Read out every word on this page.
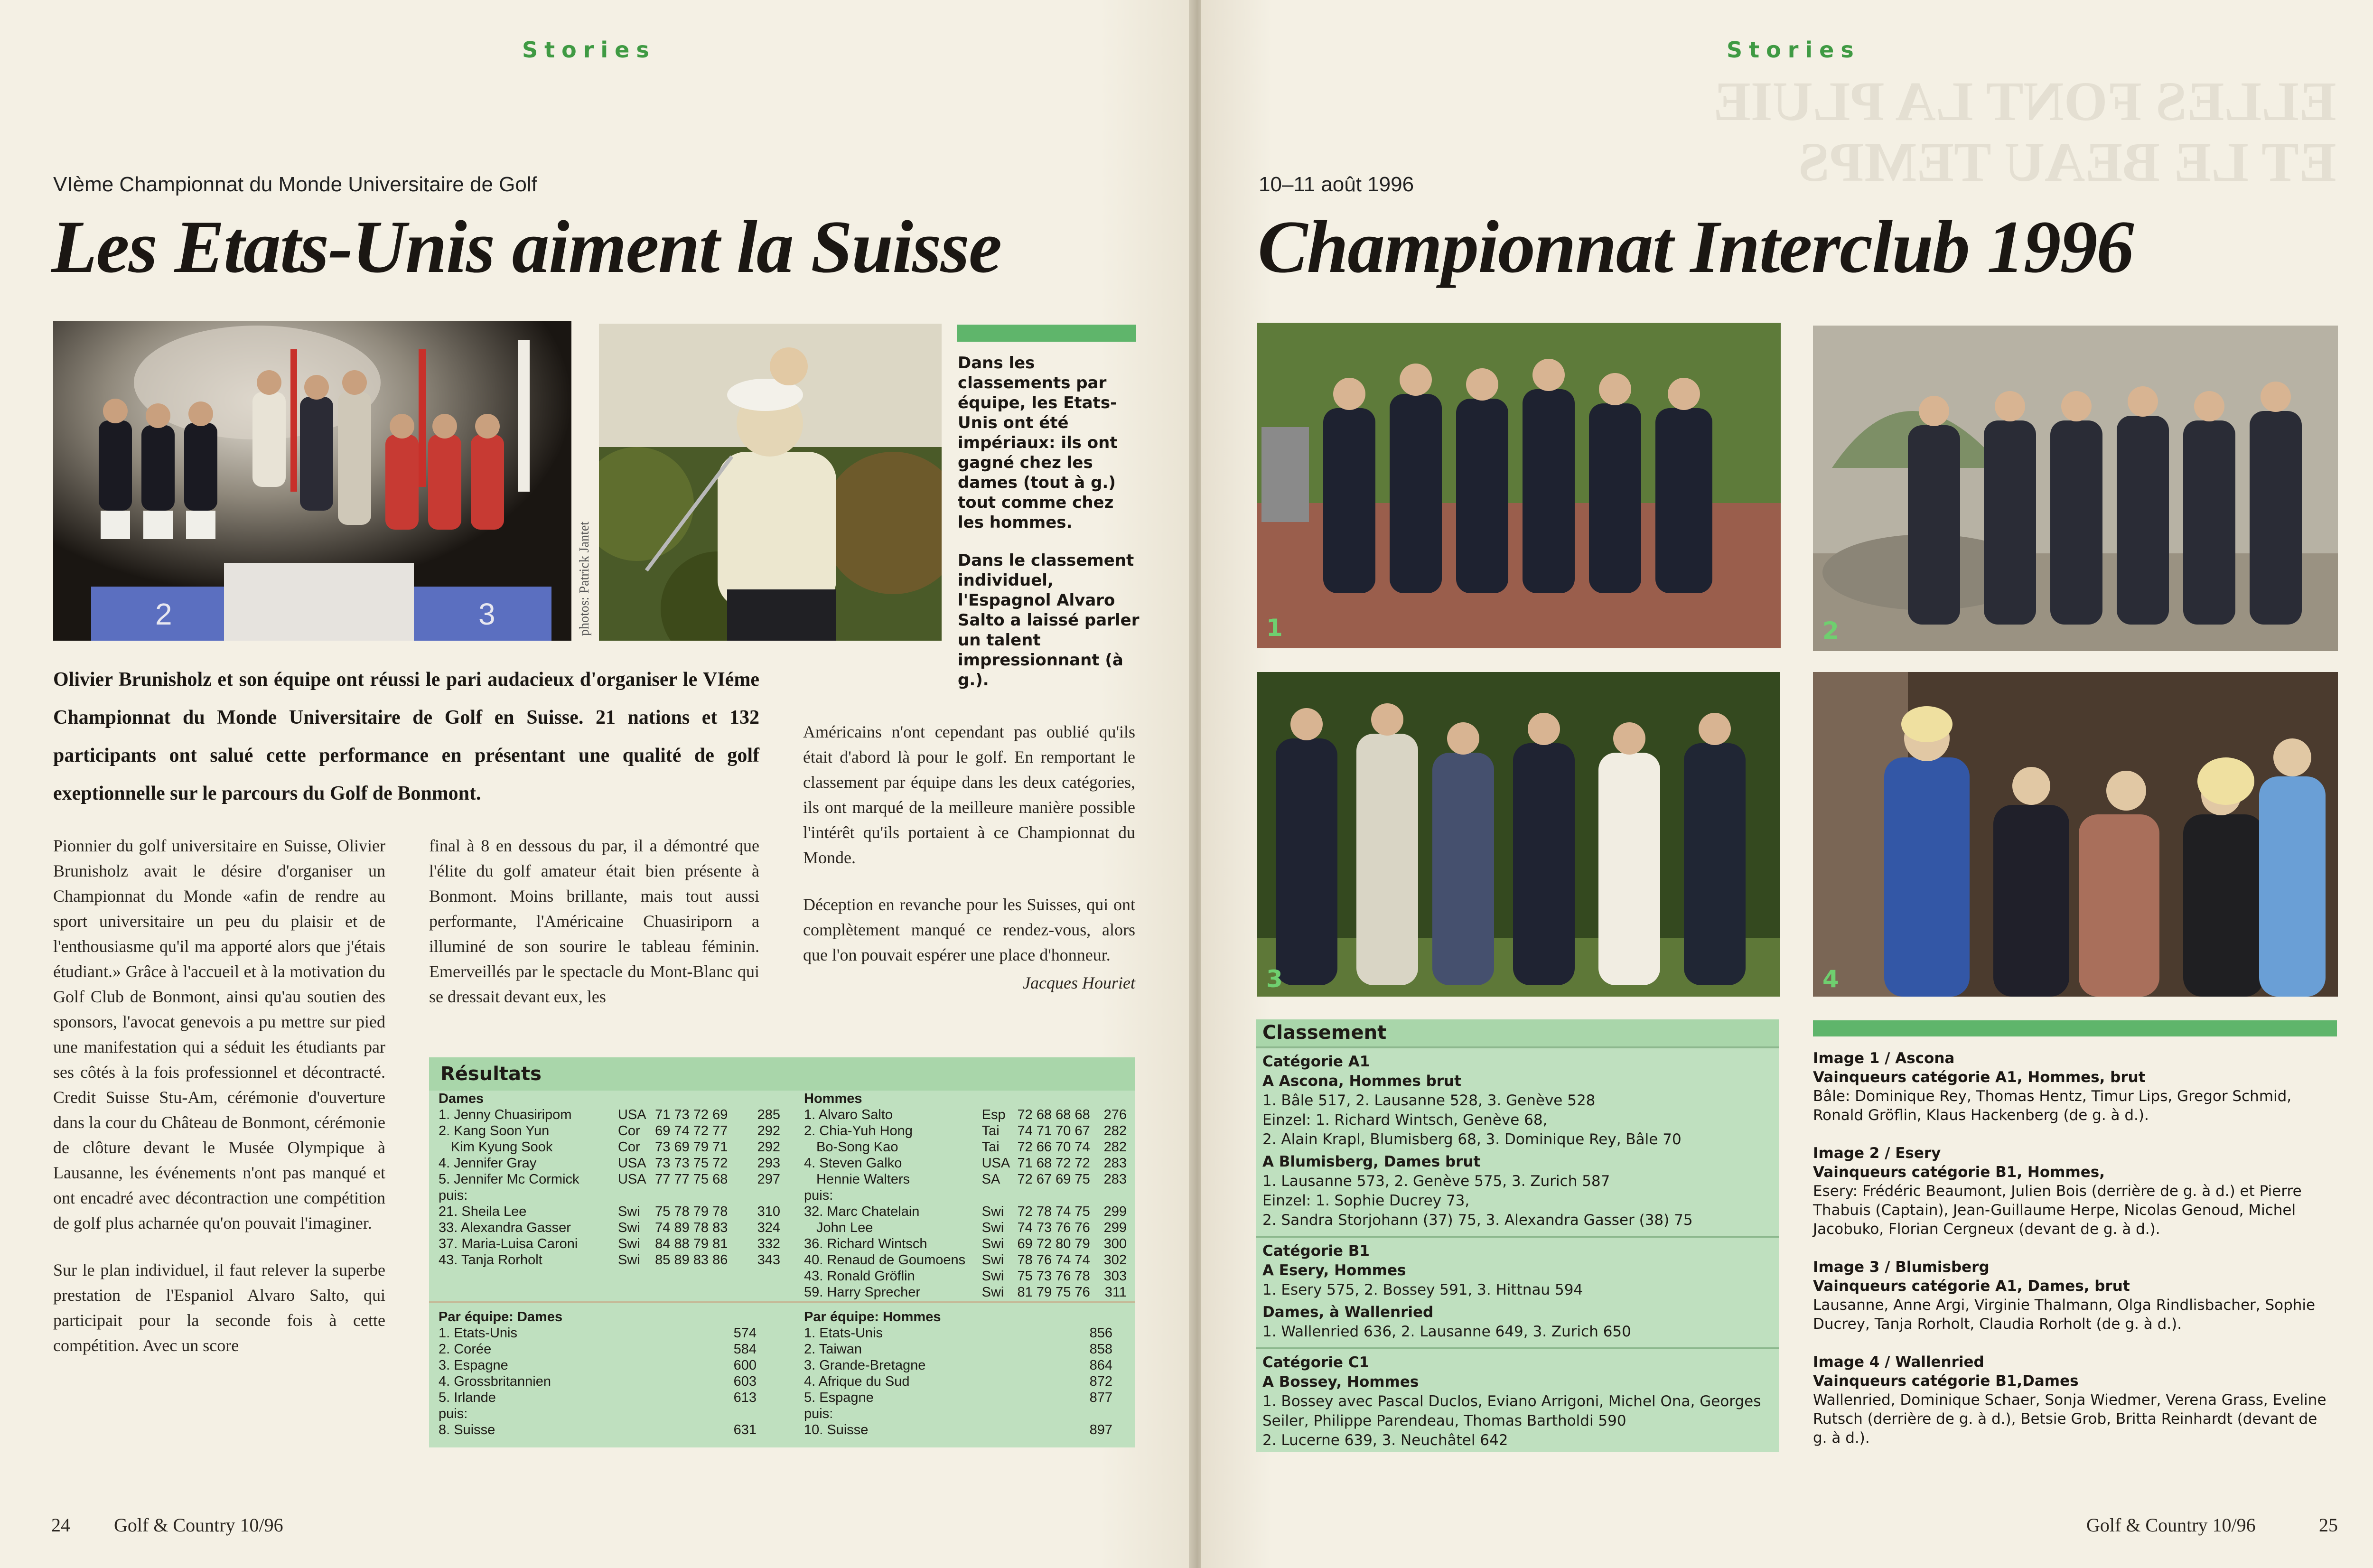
Stories
VIème Championnat du Monde Universitaire de Golf
Les Etats-Unis aiment la Suisse
2	3	photos: Patrick Jantet

Dans les classements par équipe, les Etats-Unis ont été impériaux: ils ont gagné chez les dames (tout à g.) tout comme chez les hommes.

Dans le classement individuel, l'Espagnol Alvaro Salto a laissé parler un talent impressionnant (à g.).

Olivier Brunisholz et son équipe ont réussi le pari audacieux d'organiser le VIéme Championnat du Monde Universitaire de Golf en Suisse. 21 nations et 132 participants ont salué cette performance en présentant une qualité de golf exeptionnelle sur le parcours du Golf de Bonmont.

Pionnier du golf universitaire en Suisse, Olivier Brunisholz avait le désire d'organiser un Championnat du Monde «afin de rendre au sport universitaire un peu du plaisir et de l'enthousiasme qu'il ma apporté alors que j'étais étudiant.» Grâce à l'accueil et à la motivation du Golf Club de Bonmont, ainsi qu'au soutien des sponsors, l'avocat genevois a pu mettre sur pied une manifestation qui a séduit les étudiants par ses côtés à la fois professionnel et décontracté. Credit Suisse Stu-Am, cérémonie d'ouverture dans la cour du Château de Bonmont, cérémonie de clôture devant le Musée Olympique à Lausanne, les événements n'ont pas manqué et ont encadré avec décontraction une compétition de golf plus acharnée qu'on pouvait l'imaginer.

Sur le plan individuel, il faut relever la superbe prestation de l'Espaniol Alvaro Salto, qui participait pour la seconde fois à cette compétition. Avec un score

final à 8 en dessous du par, il a démontré que l'élite du golf amateur était bien présente à Bonmont. Moins brillante, mais tout aussi performante, l'Américaine Chuasiriporn a illuminé de son sourire le tableau féminin. Emerveillés par le spectacle du Mont-Blanc qui se dressait devant eux, les

Américains n'ont cependant pas oublié qu'ils était d'abord là pour le golf. En remportant le classement par équipe dans les deux catégories, ils ont marqué de la meilleure manière possible l'intérêt qu'ils portaient à ce Championnat du Monde.

Déception en revanche pour les Suisses, qui ont complètement manqué ce rendez-vous, alors que l'on pouvait espérer une place d'honneur.

Jacques Houriet
Résultats
Dames
1. Jenny Chuasiripom	USA	71 73 72 69	285
2. Kang Soon Yun	Cor	69 74 72 77	292
Kim Kyung Sook	Cor	73 69 79 71	292
4. Jennifer Gray	USA	73 73 75 72	293
5. Jennifer Mc Cormick	USA	77 77 75 68	297
puis:			
21. Sheila Lee	Swi	75 78 79 78	310
33. Alexandra Gasser	Swi	74 89 78 83	324
37. Maria-Luisa Caroni	Swi	84 88 79 81	332
43. Tanja Rorholt	Swi	85 89 83 86	343
Hommes
1. Alvaro Salto	Esp	72 68 68 68	276
2. Chia-Yuh Hong	Tai	74 71 70 67	282
Bo-Song Kao	Tai	72 66 70 74	282
4. Steven Galko	USA	71 68 72 72	283
Hennie Walters	SA	72 67 69 75	283
puis:			
32. Marc Chatelain	Swi	72 78 74 75	299
John Lee	Swi	74 73 76 76	299
36. Richard Wintsch	Swi	69 72 80 79	300
40. Renaud de Goumoens	Swi	78 76 74 74	302
43. Ronald Gröflin	Swi	75 73 76 78	303
59. Harry Sprecher	Swi	81 79 75 76	311
Par équipe: Dames
1. Etats-Unis	574
2. Corée	584
3. Espagne	600
4. Grossbritannien	603
5. Irlande	613
puis:	
8. Suisse	631
Par équipe: Hommes
1. Etats-Unis	856
2. Taiwan	858
3. Grande-Bretagne	864
4. Afrique du Sud	872
5. Espagne	877
puis:	
10. Suisse	897
24 Golf & Country 10/96
ELLES FONT LA PLUIE
ET LE BEAU TEMPS
Stories
10–11 août 1996
Championnat Interclub 1996
1	2
3	4
Classement
Catégorie A1
A Ascona, Hommes brut
1. Bâle 517, 2. Lausanne 528, 3. Genève 528
Einzel: 1. Richard Wintsch, Genève 68,
2. Alain Krapl, Blumisberg 68, 3. Dominique Rey, Bâle 70
A Blumisberg, Dames brut
1. Lausanne 573, 2. Genève 575, 3. Zurich 587
Einzel: 1. Sophie Ducrey 73,
2. Sandra Storjohann (37) 75, 3. Alexandra Gasser (38) 75
Catégorie B1
A Esery, Hommes
1. Esery 575, 2. Bossey 591, 3. Hittnau 594
Dames, à Wallenried
1. Wallenried 636, 2. Lausanne 649, 3. Zurich 650
Catégorie C1
A Bossey, Hommes
1. Bossey avec Pascal Duclos, Eviano Arrigoni, Michel Ona, Georges Seiler, Philippe Parendeau, Thomas Bartholdi 590
2. Lucerne 639, 3. Neuchâtel 642
Image 1 / Ascona
Vainqueurs catégorie A1, Hommes, brut
Bâle: Dominique Rey, Thomas Hentz, Timur Lips, Gregor Schmid, Ronald Gröflin, Klaus Hackenberg (de g. à d.).
Image 2 / Esery
Vainqueurs catégorie B1, Hommes,
Esery: Frédéric Beaumont, Julien Bois (derrière de g. à d.) et Pierre Thabuis (Captain), Jean-Guillaume Herpe, Nicolas Genoud, Michel Jacobuko, Florian Cergneux (devant de g. à d.).
Image 3 / Blumisberg
Vainqueurs catégorie A1, Dames, brut
Lausanne, Anne Argi, Virginie Thalmann, Olga Rindlisbacher, Sophie Ducrey, Tanja Rorholt, Claudia Rorholt (de g. à d.).
Image 4 / Wallenried
Vainqueurs catégorie B1,Dames
Wallenried, Dominique Schaer, Sonja Wiedmer, Verena Grass, Eveline Rutsch (derrière de g. à d.), Betsie Grob, Britta Reinhardt (devant de g. à d.).
Golf & Country 10/96	25
